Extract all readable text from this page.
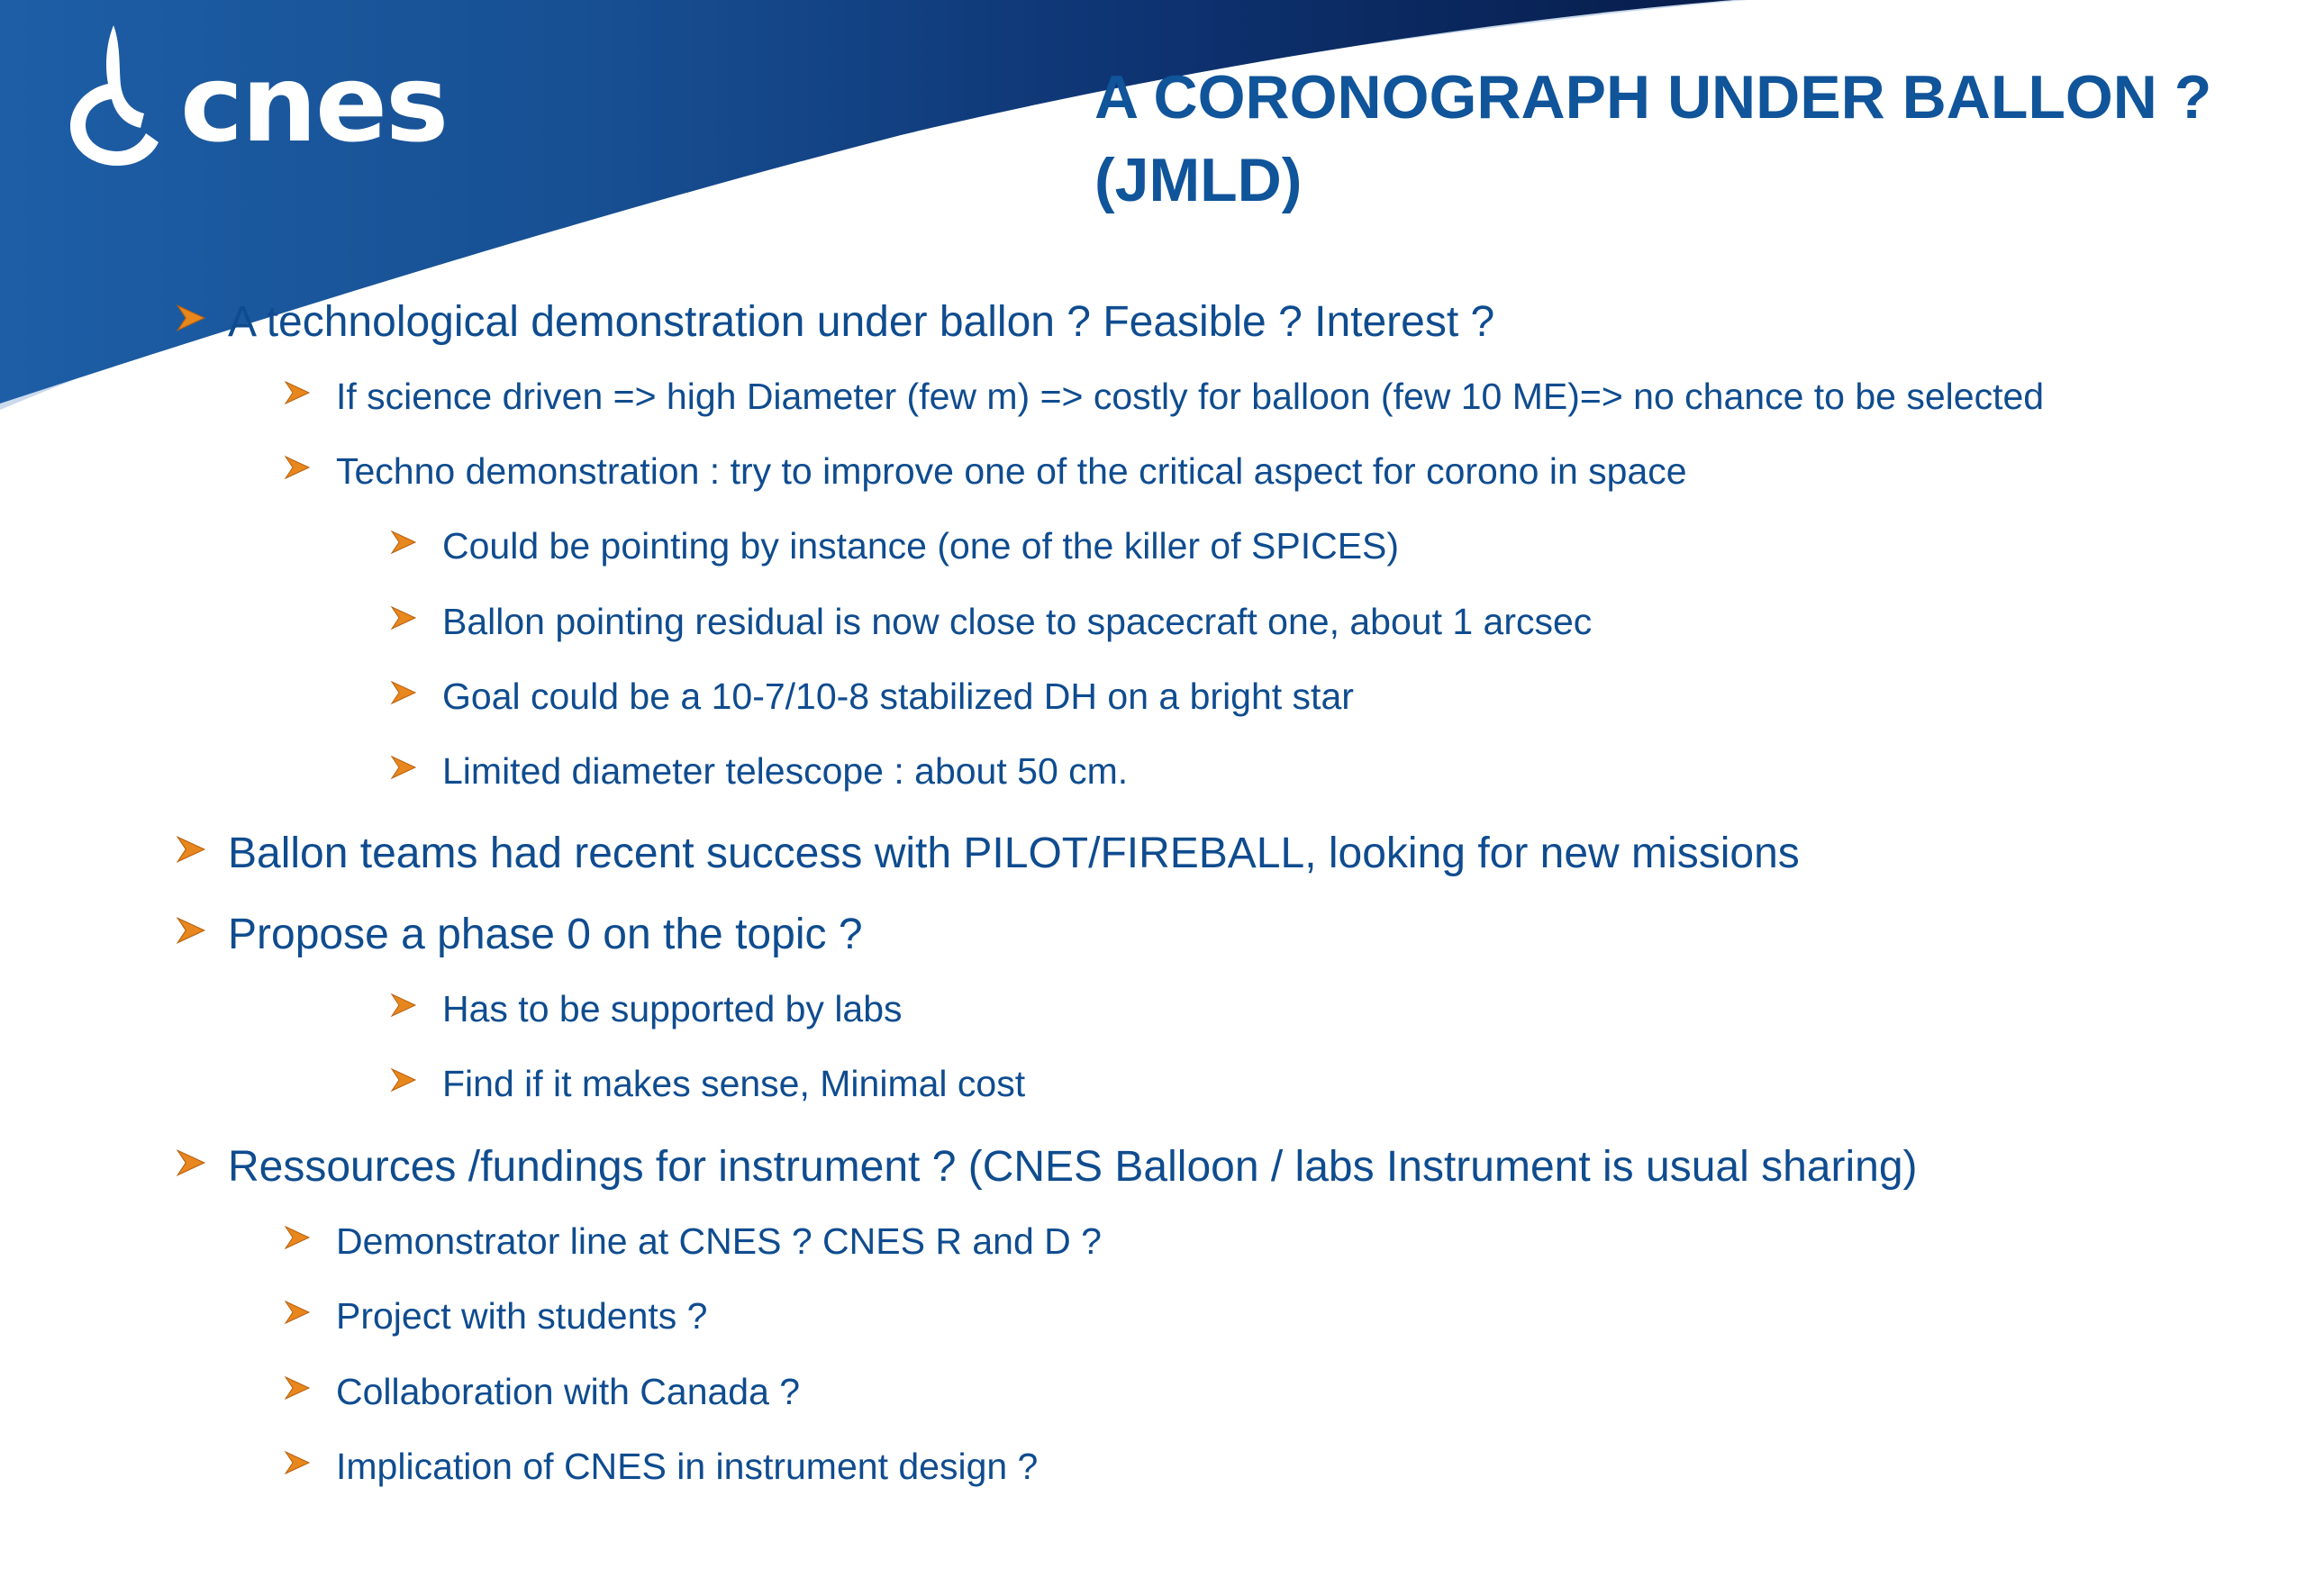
cnes	A CORONOGRAPH UNDER BALLON ?
(JMLD)
A technological demonstration under ballon ? Feasible ? Interest ?
If science driven => high Diameter (few m) => costly for balloon (few 10 ME)=> no chance to be selected
Techno demonstration : try to improve one of the critical aspect for corono in space
Could be pointing by instance (one of the killer of SPICES)
Ballon pointing residual is now close to spacecraft one, about 1 arcsec
Goal could be a 10-7/10-8 stabilized DH on a bright star
Limited diameter telescope : about 50 cm.
Ballon teams had recent success with PILOT/FIREBALL, looking for new missions
Propose a phase 0 on the topic ?
Has to be supported by labs
Find if it makes sense, Minimal cost
Ressources /fundings for instrument ? (CNES Balloon / labs Instrument is usual sharing)
Demonstrator line at CNES ? CNES R and D ?
Project with students ?
Collaboration with Canada ?
Implication of CNES in instrument design ?
